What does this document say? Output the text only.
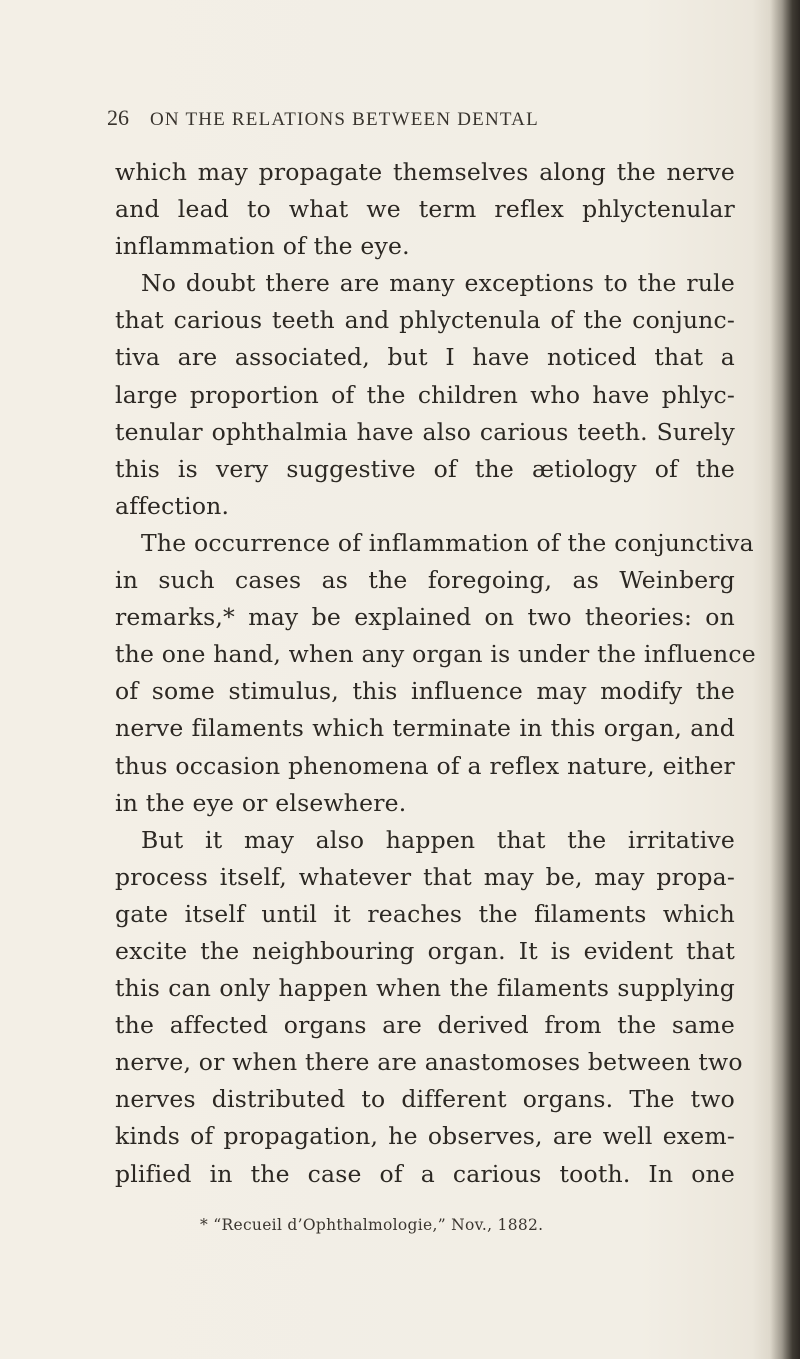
26 ON THE RELATIONS BETWEEN DENTAL
which may propagate themselves along the nerve
and lead to what we term reflex phlyctenular
inflammation of the eye.
No doubt there are many exceptions to the rule
that carious teeth and phlyctenula of the conjunc-
tiva are associated, but I have noticed that a
large proportion of the children who have phlyc-
tenular ophthalmia have also carious teeth. Surely
this is very suggestive of the ætiology of the
affection.
The occurrence of inflammation of the conjunctiva
in such cases as the foregoing, as Weinberg
remarks,* may be explained on two theories: on
the one hand, when any organ is under the influence
of some stimulus, this influence may modify the
nerve filaments which terminate in this organ, and
thus occasion phenomena of a reflex nature, either
in the eye or elsewhere.
But it may also happen that the irritative
process itself, whatever that may be, may propa-
gate itself until it reaches the filaments which
excite the neighbouring organ. It is evident that
this can only happen when the filaments supplying
the affected organs are derived from the same
nerve, or when there are anastomoses between two
nerves distributed to different organs. The two
kinds of propagation, he observes, are well exem-
plified in the case of a carious tooth. In one
* “Recueil d’Ophthalmologie,” Nov., 1882.
